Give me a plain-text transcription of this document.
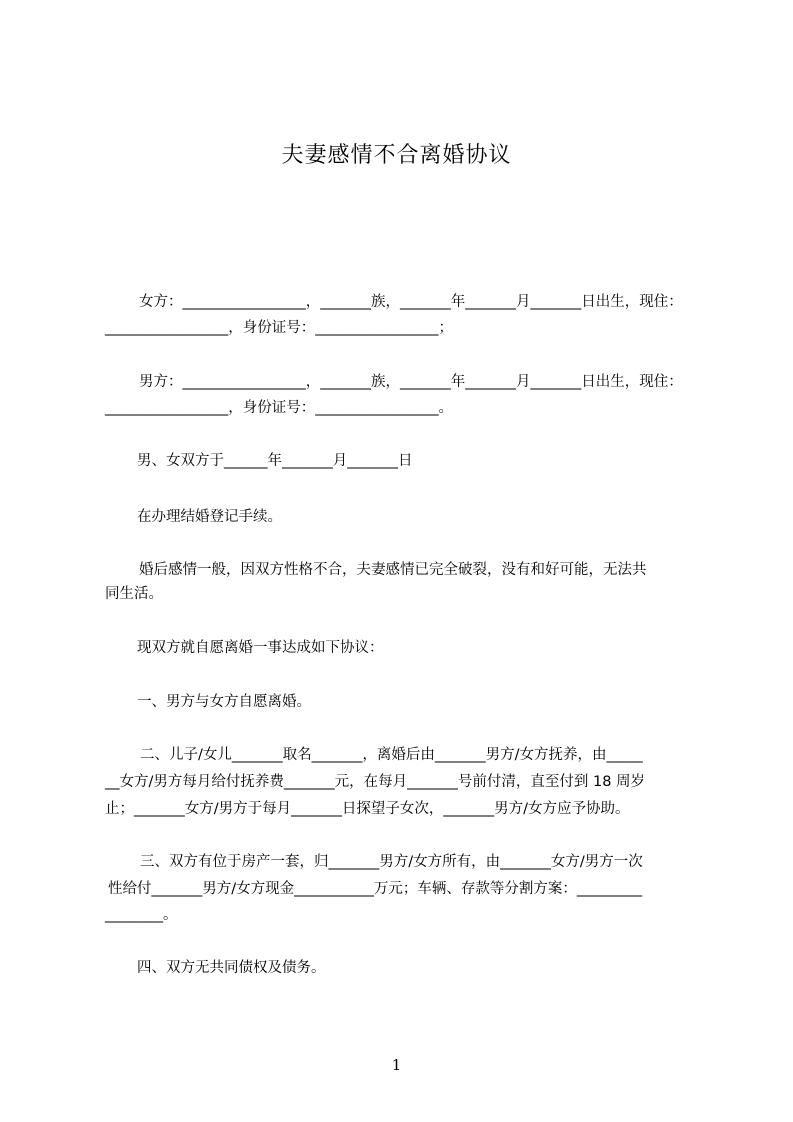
夫妻感情不合离婚协议
女方：_________________，_______族，_______年_______月_______日出生，现住：
_________________，身份证号：_________________；
男方：_________________，_______族，_______年_______月_______日出生，现住：
_________________，身份证号：_________________。
男、女双方于______年_______月_______日
在办理结婚登记手续。
婚后感情一般，因双方性格不合，夫妻感情已完全破裂，没有和好可能，无法共
同生活。
现双方就自愿离婚一事达成如下协议：
一、男方与女方自愿离婚。
二、儿子/女儿_______取名_______，离婚后由_______男方/女方抚养，由_____
__女方/男方每月给付抚养费_______元，在每月_______号前付清，直至付到 18 周岁
止；_______女方/男方于每月_______日探望子女次，_______男方/女方应予协助。
三、双方有位于房产一套，归_______男方/女方所有，由_______女方/男方一次
性给付_______男方/女方现金___________万元；车辆、存款等分割方案：_________
________。
四、双方无共同债权及债务。
1
